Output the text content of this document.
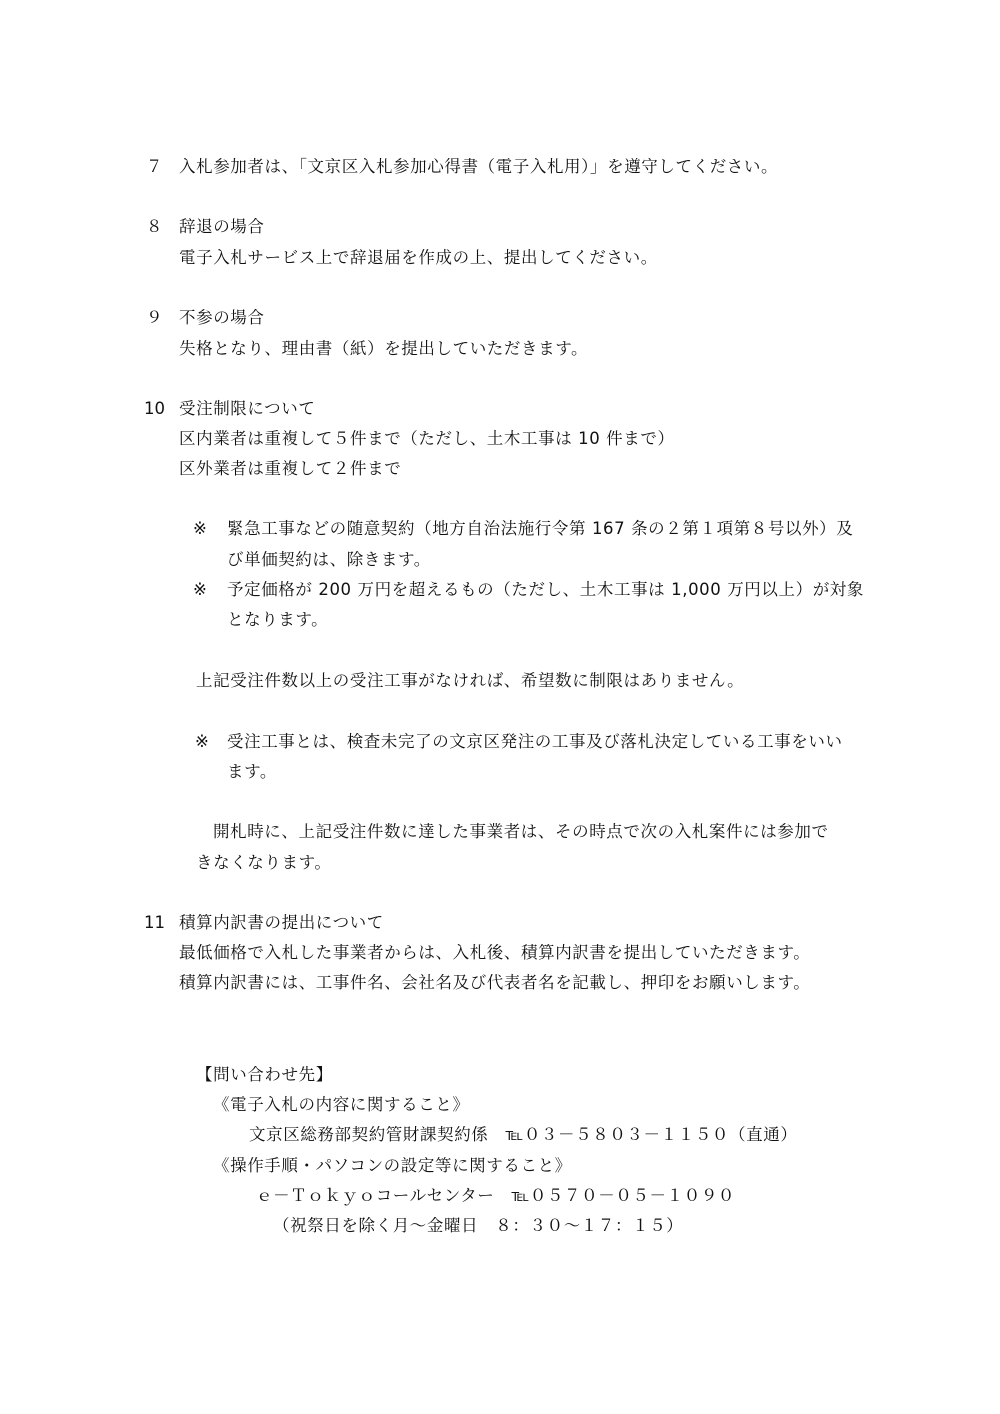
７ 入札参加者は、「文京区入札参加心得書（電子入札用）」を遵守してください。
８ 辞退の場合
電子入札サービス上で辞退届を作成の上、提出してください。
９ 不参の場合
失格となり、理由書（紙）を提出していただきます。
10 受注制限について
区内業者は重複して５件まで（ただし、土木工事は 10 件まで）
区外業者は重複して２件まで
※ 緊急工事などの随意契約（地方自治法施行令第 167 条の２第１項第８号以外）及
び単価契約は、除きます。
※ 予定価格が 200 万円を超えるもの（ただし、土木工事は 1,000 万円以上）が対象
となります。
上記受注件数以上の受注工事がなければ、希望数に制限はありません。
※ 受注工事とは、検査未完了の文京区発注の工事及び落札決定している工事をいい
ます。
開札時に、上記受注件数に達した事業者は、その時点で次の入札案件には参加で
きなくなります。
11 積算内訳書の提出について
最低価格で入札した事業者からは、入札後、積算内訳書を提出していただきます。
積算内訳書には、工事件名、会社名及び代表者名を記載し、押印をお願いします。
【問い合わせ先】
《電子入札の内容に関すること》
文京区総務部契約管財課契約係　℡０３－５８０３－１１５０（直通）
《操作手順・パソコンの設定等に関すること》
ｅ－Ｔｏｋｙｏコールセンター　℡０５７０－０５－１０９０
（祝祭日を除く月～金曜日　８：３０～１７：１５）
